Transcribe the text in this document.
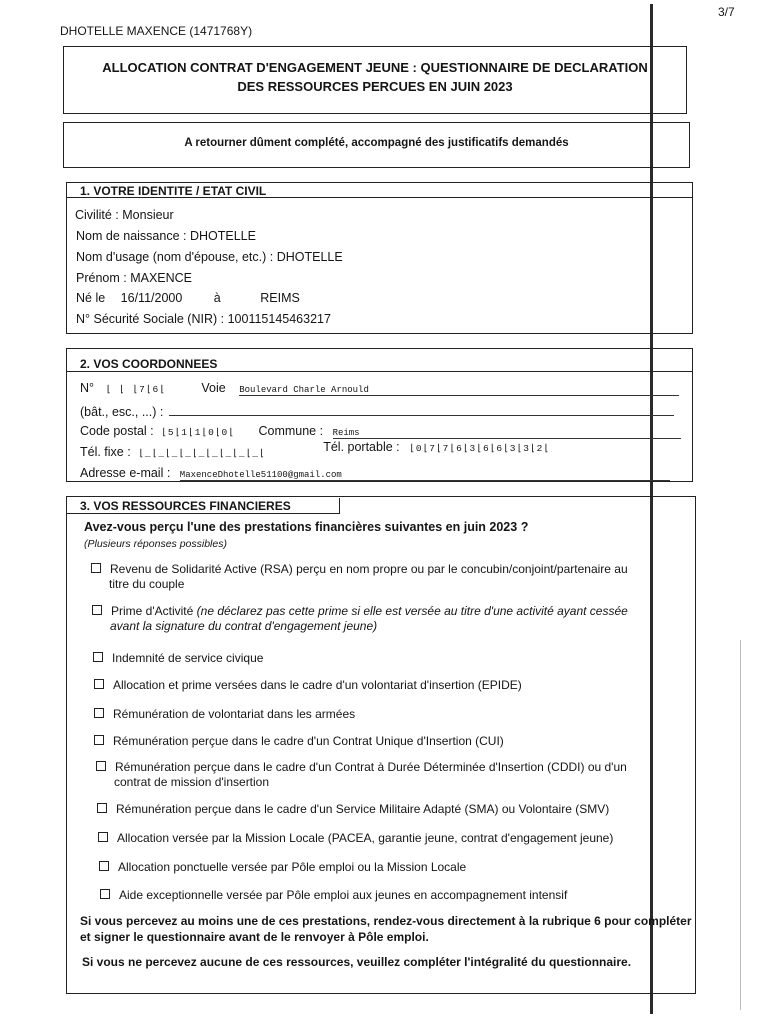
3/7
DHOTELLE MAXENCE (1471768Y)
ALLOCATION CONTRAT D'ENGAGEMENT JEUNE : QUESTIONNAIRE DE DECLARATION
DES RESSOURCES PERCUES EN JUIN 2023
A retourner dûment complété, accompagné des justificatifs demandés
1. VOTRE IDENTITE / ETAT CIVIL
Civilité : Monsieur
Nom de naissance : DHOTELLE
Nom d'usage (nom d'épouse, etc.) : DHOTELLE
Prénom : MAXENCE
Né le 16/11/2000	à	REIMS
N° Sécurité Sociale (NIR) : 100115145463217
2. VOS COORDONNEES
N° ⌊ ⌊ ⌊7⌊6⌊	Voie Boulevard Charle Arnould
(bât., esc., ...) :
Code postal : ⌊5⌊1⌊1⌊0⌊0⌊ Commune : Reims
Tél. fixe : ⌊_⌊_⌊_⌊_⌊_⌊_⌊_⌊_⌊_⌊	Tél. portable : $^{⌊0⌊7⌊7⌊6⌊3⌊6⌊6⌊3⌊3⌊2⌊}$
Adresse e-mail : MaxenceDhotelle51100@gmail.com
3. VOS RESSOURCES FINANCIERES
Avez-vous perçu l'une des prestations financières suivantes en juin 2023 ?
(Plusieurs réponses possibles)
Revenu de Solidarité Active (RSA) perçu en nom propre ou par le concubin/conjoint/partenaire au
titre du couple
Prime d'Activité (ne déclarez pas cette prime si elle est versée au titre d'une activité ayant cessée
avant la signature du contrat d'engagement jeune)
Indemnité de service civique
Allocation et prime versées dans le cadre d'un volontariat d'insertion (EPIDE)
Rémunération de volontariat dans les armées
Rémunération perçue dans le cadre d'un Contrat Unique d'Insertion (CUI)
Rémunération perçue dans le cadre d'un Contrat à Durée Déterminée d'Insertion (CDDI) ou d'un
contrat de mission d'insertion
Rémunération perçue dans le cadre d'un Service Militaire Adapté (SMA) ou Volontaire (SMV)
Allocation versée par la Mission Locale (PACEA, garantie jeune, contrat d'engagement jeune)
Allocation ponctuelle versée par Pôle emploi ou la Mission Locale
Aide exceptionnelle versée par Pôle emploi aux jeunes en accompagnement intensif
Si vous percevez au moins une de ces prestations, rendez-vous directement à la rubrique 6 pour compléter et signer le questionnaire avant de le renvoyer à Pôle emploi.
Si vous ne percevez aucune de ces ressources, veuillez compléter l'intégralité du questionnaire.
